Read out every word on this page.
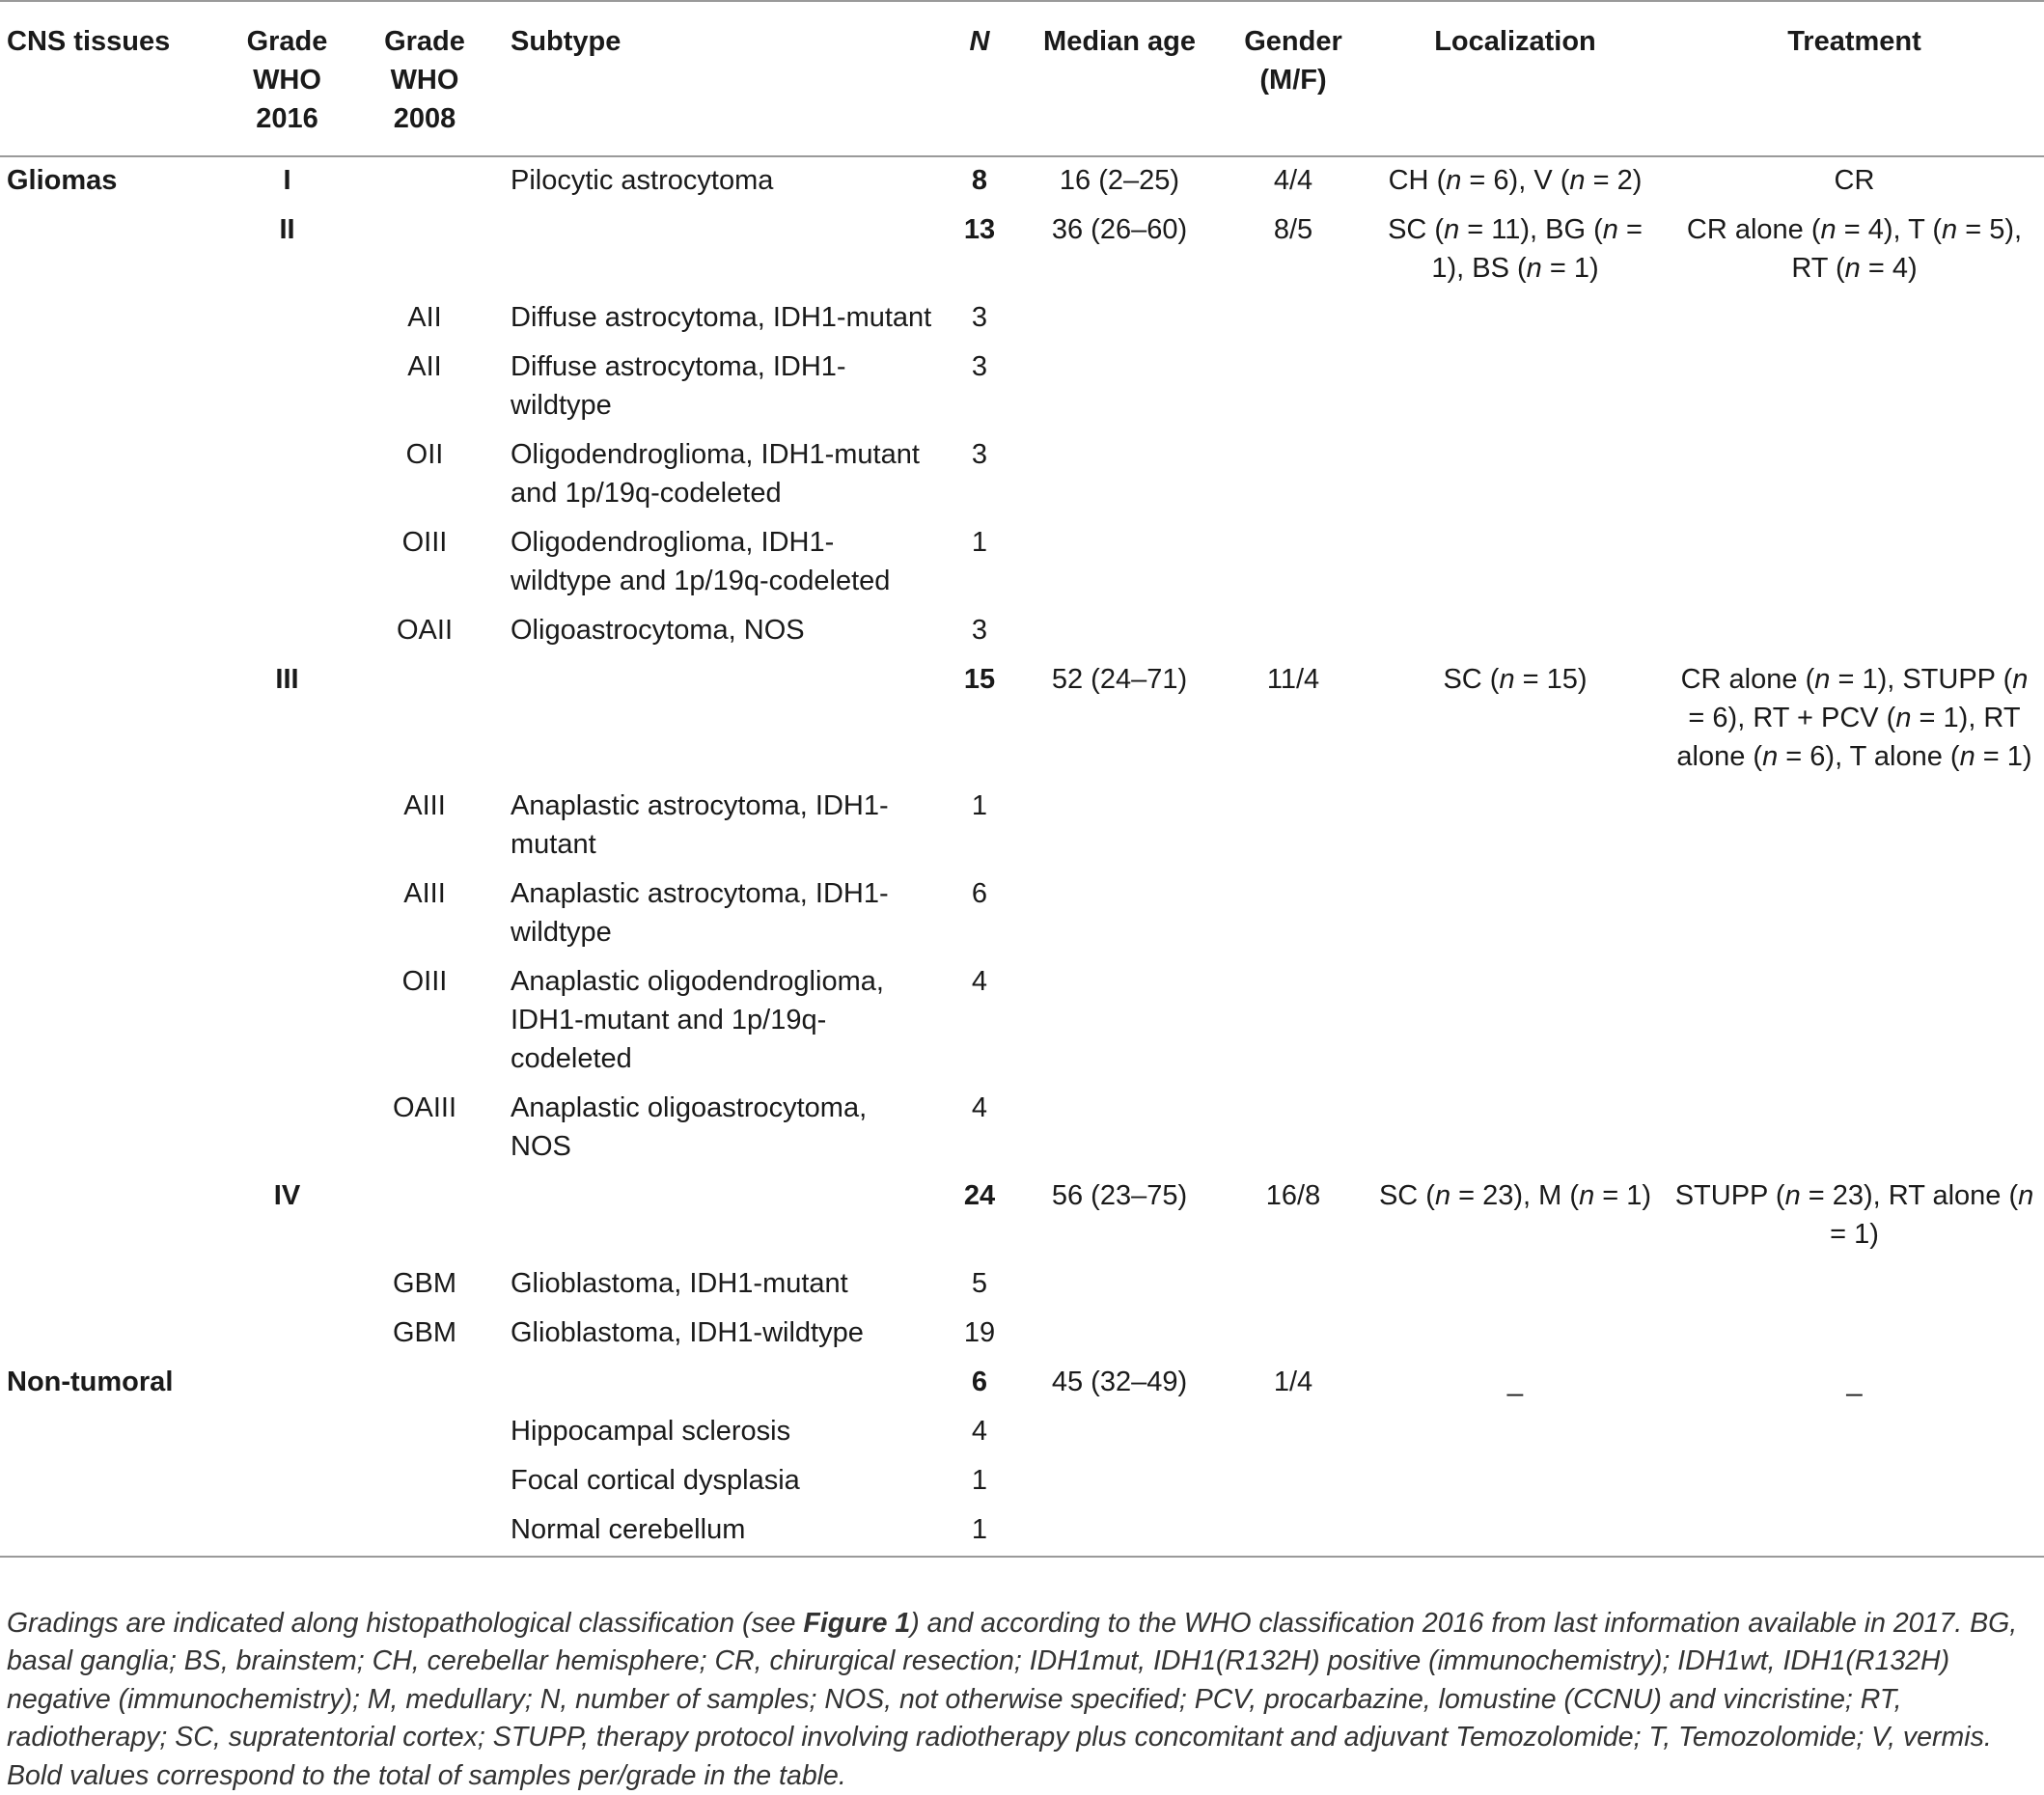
CNS tissues	Grade WHO 2016	Grade WHO 2008	Subtype	N	Median age	Gender (M/F)	Localization	Treatment
Gliomas	I		Pilocytic astrocytoma	8	16 (2–25)	4/4	CH (n = 6), V (n = 2)	CR
	II			13	36 (26–60)	8/5	SC (n = 11), BG (n = 1), BS (n = 1)	CR alone (n = 4), T (n = 5), RT (n = 4)
		AII	Diffuse astrocytoma, IDH1-mutant	3				
		AII	Diffuse astrocytoma, IDH1-wildtype	3				
		OII	Oligodendroglioma, IDH1-mutant and 1p/19q-codeleted	3				
		OIII	Oligodendroglioma, IDH1-wildtype and 1p/19q-codeleted	1				
		OAII	Oligoastrocytoma, NOS	3				
	III			15	52 (24–71)	11/4	SC (n = 15)	CR alone (n = 1), STUPP (n = 6), RT + PCV (n = 1), RT alone (n = 6), T alone (n = 1)
		AIII	Anaplastic astrocytoma, IDH1-mutant	1				
		AIII	Anaplastic astrocytoma, IDH1-wildtype	6				
		OIII	Anaplastic oligodendroglioma, IDH1-mutant and 1p/19q-codeleted	4				
		OAIII	Anaplastic oligoastrocytoma, NOS	4				
	IV			24	56 (23–75)	16/8	SC (n = 23), M (n = 1)	STUPP (n = 23), RT alone (n = 1)
		GBM	Glioblastoma, IDH1-mutant	5				
		GBM	Glioblastoma, IDH1-wildtype	19				
Non-tumoral				6	45 (32–49)	1/4	_	_
			Hippocampal sclerosis	4				
			Focal cortical dysplasia	1				
			Normal cerebellum	1				

Gradings are indicated along histopathological classification (see Figure 1) and according to the WHO classification 2016 from last information available in 2017. BG, basal ganglia; BS, brainstem; CH, cerebellar hemisphere; CR, chirurgical resection; IDH1mut, IDH1(R132H) positive (immunochemistry); IDH1wt, IDH1(R132H) negative (immunochemistry); M, medullary; N, number of samples; NOS, not otherwise specified; PCV, procarbazine, lomustine (CCNU) and vincristine; RT, radiotherapy; SC, supratentorial cortex; STUPP, therapy protocol involving radiotherapy plus concomitant and adjuvant Temozolomide; T, Temozolomide; V, vermis. Bold values correspond to the total of samples per/grade in the table.
